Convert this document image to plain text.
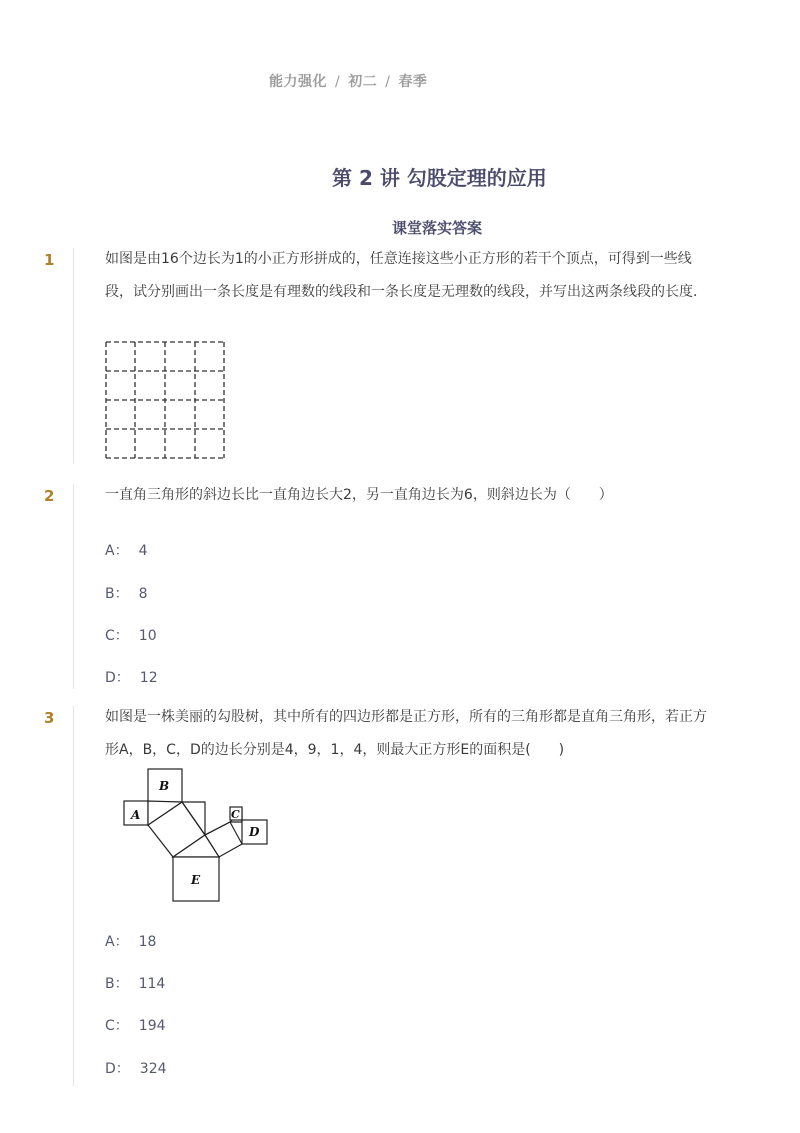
能力强化 / 初二 / 春季
第 2 讲 勾股定理的应用
课堂落实答案
1	如图是由16个边长为1的小正方形拼成的，任意连接这些小正方形的若干个顶点，可得到一些线段，试分别画出一条长度是有理数的线段和一条长度是无理数的线段，并写出这两条线段的长度．
2	一直角三角形的斜边长比一直角边长大2，另一直角边长为6，则斜边长为（　　）
A： 4
B： 8
C： 10
D： 12
3	如图是一株美丽的勾股树，其中所有的四边形都是正方形，所有的三角形都是直角三角形，若正方形A，B，C，D的边长分别是4，9，1，4，则最大正方形E的面积是(　　)
A
B
C
D
E
A： 18
B： 114
C： 194
D： 324
